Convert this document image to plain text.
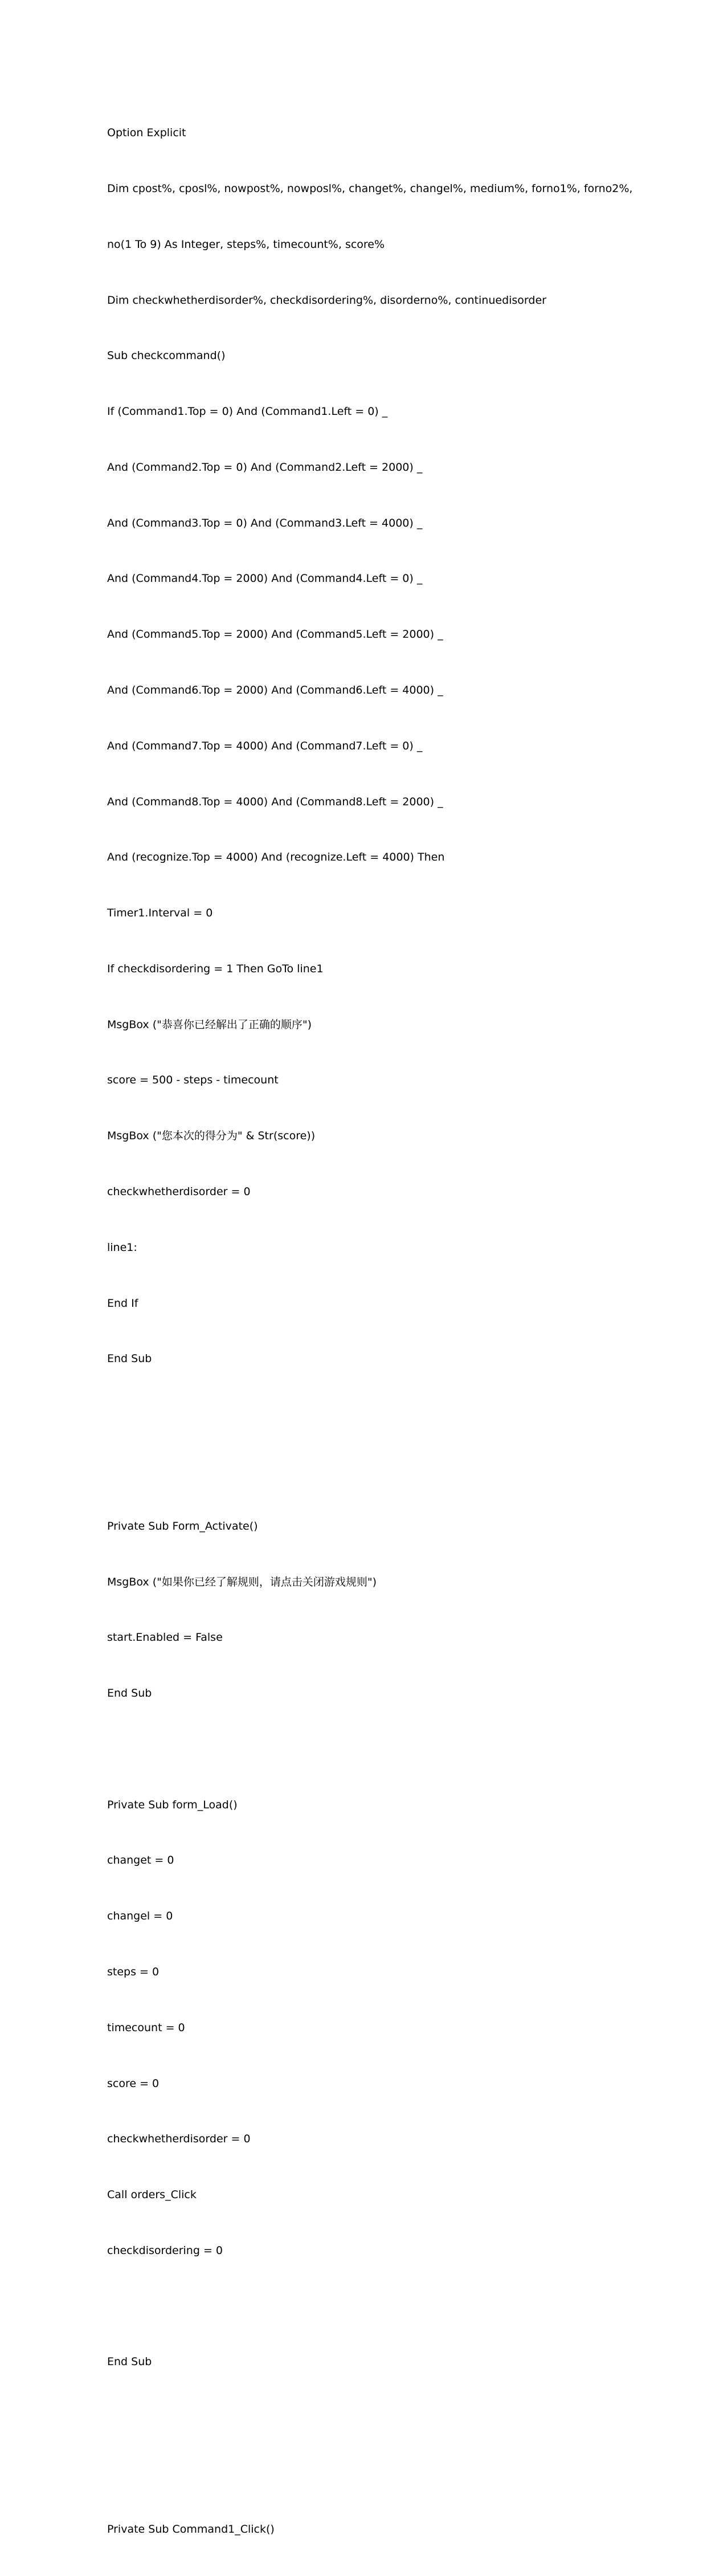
Option Explicit

Dim cpost%, cposl%, nowpost%, nowposl%, changet%, changel%, medium%, forno1%, forno2%,

no(1 To 9) As Integer, steps%, timecount%, score%

Dim checkwhetherdisorder%, checkdisordering%, disorderno%, continuedisorder

Sub checkcommand()

If (Command1.Top = 0) And (Command1.Left = 0) _

And (Command2.Top = 0) And (Command2.Left = 2000) _

And (Command3.Top = 0) And (Command3.Left = 4000) _

And (Command4.Top = 2000) And (Command4.Left = 0) _

And (Command5.Top = 2000) And (Command5.Left = 2000) _

And (Command6.Top = 2000) And (Command6.Left = 4000) _

And (Command7.Top = 4000) And (Command7.Left = 0) _

And (Command8.Top = 4000) And (Command8.Left = 2000) _

And (recognize.Top = 4000) And (recognize.Left = 4000) Then

Timer1.Interval = 0

If checkdisordering = 1 Then GoTo line1

MsgBox ("恭喜你已经解出了正确的顺序")

score = 500 - steps - timecount

MsgBox ("您本次的得分为" & Str(score))

checkwhetherdisorder = 0

line1:

End If

End Sub

Private Sub Form_Activate()

MsgBox ("如果你已经了解规则，请点击关闭游戏规则")

start.Enabled = False

End Sub

Private Sub form_Load()

changet = 0

changel = 0

steps = 0

timecount = 0

score = 0

checkwhetherdisorder = 0

Call orders_Click

checkdisordering = 0

End Sub

Private Sub Command1_Click()
